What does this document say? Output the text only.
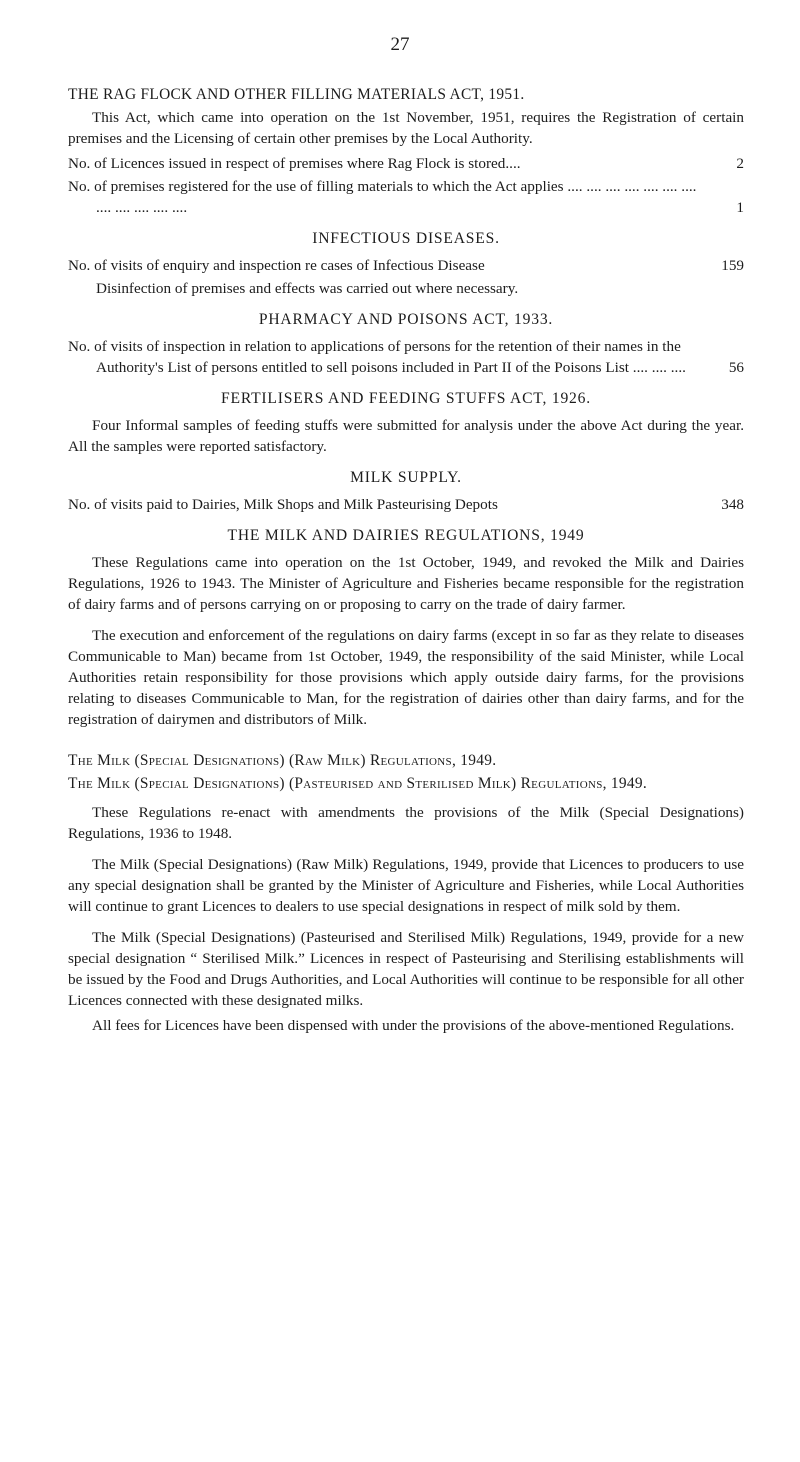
27
THE RAG FLOCK AND OTHER FILLING MATERIALS ACT, 1951.

This Act, which came into operation on the 1st November, 1951, requires the Registration of certain premises and the Licensing of certain other premises by the Local Authority.

No. of Licences issued in respect of premises where Rag Flock is stored....	2
No. of premises registered for the use of filling materials to which the Act applies .... .... .... .... .... .... .... .... .... .... .... ....	1
INFECTIOUS DISEASES.
No. of visits of enquiry and inspection re cases of Infectious Disease	159

Disinfection of premises and effects was carried out where necessary.

PHARMACY AND POISONS ACT, 1933.
No. of visits of inspection in relation to applications of persons for the retention of their names in the Authority's List of persons entitled to sell poisons included in Part II of the Poisons List .... .... ....	56
FERTILISERS AND FEEDING STUFFS ACT, 1926.

Four Informal samples of feeding stuffs were submitted for analysis under the above Act during the year. All the samples were reported satisfactory.

MILK SUPPLY.
No. of visits paid to Dairies, Milk Shops and Milk Pasteurising Depots	348
THE MILK AND DAIRIES REGULATIONS, 1949

These Regulations came into operation on the 1st October, 1949, and revoked the Milk and Dairies Regulations, 1926 to 1943. The Minister of Agriculture and Fisheries became responsible for the registration of dairy farms and of persons carrying on or proposing to carry on the trade of dairy farmer.

The execution and enforcement of the regulations on dairy farms (except in so far as they relate to diseases Communicable to Man) became from 1st October, 1949, the responsibility of the said Minister, while Local Authorities retain responsibility for those provisions which apply outside dairy farms, for the provisions relating to diseases Communicable to Man, for the registration of dairies other than dairy farms, and for the registration of dairymen and distributors of Milk.

The Milk (Special Designations) (Raw Milk) Regulations, 1949.
The Milk (Special Designations) (Pasteurised and Sterilised Milk) Regulations, 1949.

These Regulations re-enact with amendments the provisions of the Milk (Special Designations) Regulations, 1936 to 1948.

The Milk (Special Designations) (Raw Milk) Regulations, 1949, provide that Licences to producers to use any special designation shall be granted by the Minister of Agriculture and Fisheries, while Local Authorities will continue to grant Licences to dealers to use special designations in respect of milk sold by them.

The Milk (Special Designations) (Pasteurised and Sterilised Milk) Regulations, 1949, provide for a new special designation “ Sterilised Milk.” Licences in respect of Pasteurising and Sterilising establishments will be issued by the Food and Drugs Authorities, and Local Authorities will continue to be responsible for all other Licences connected with these designated milks.

All fees for Licences have been dispensed with under the provisions of the above-mentioned Regulations.
